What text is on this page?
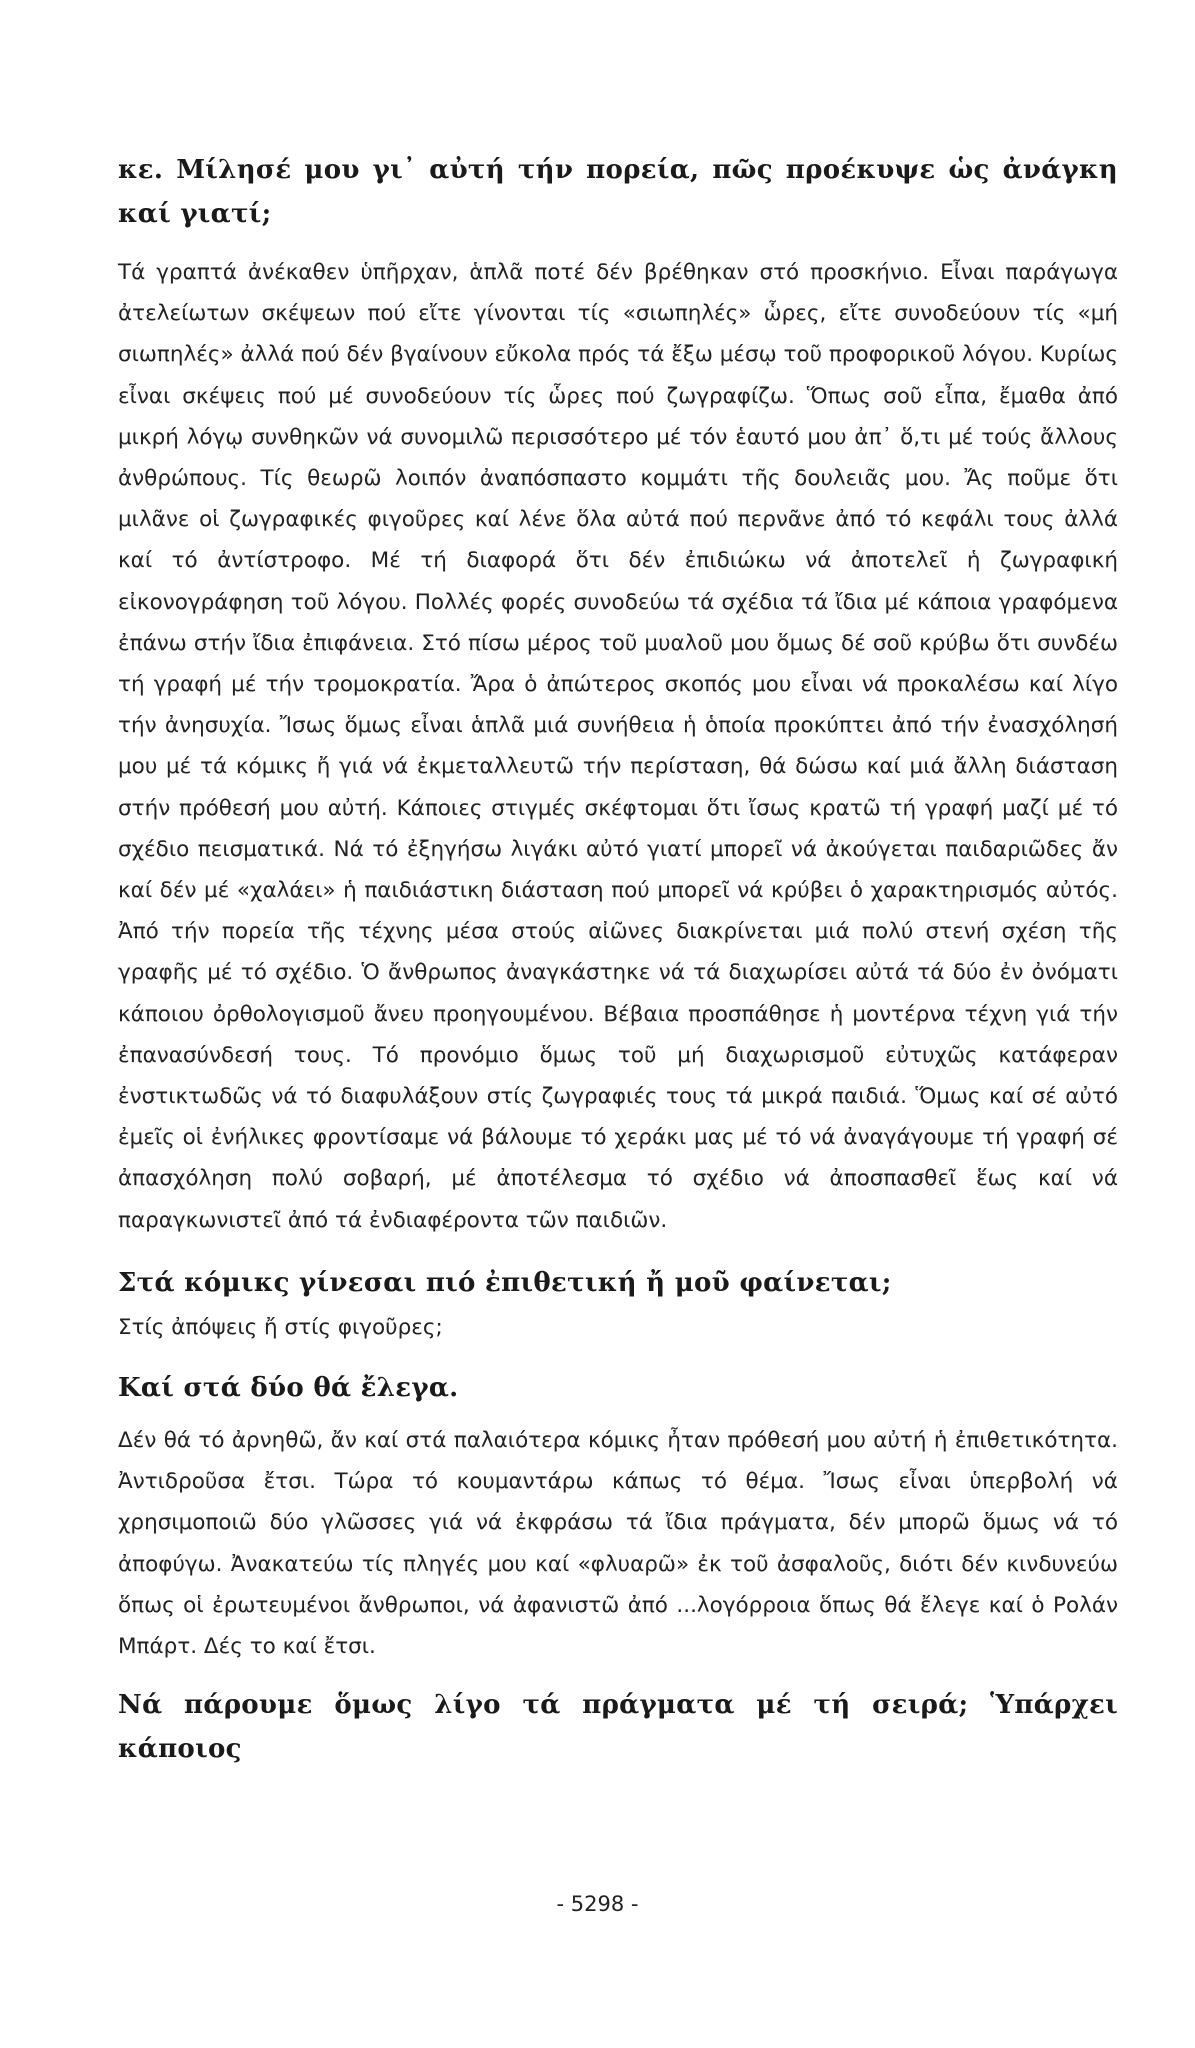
κε. Μίλησέ μου γι᾽ αὐτή τήν πορεία, πῶς προέκυψε ὡς ἀνάγκη καί γιατί;

Τά γραπτά ἀνέκαθεν ὑπῆρχαν, ἁπλᾶ ποτέ δέν βρέθηκαν στό προσκήνιο. Εἶναι παράγωγα ἀτελείωτων σκέψεων πού εἴτε γίνονται τίς «σιωπηλές» ὧρες, εἴτε συνοδεύουν τίς «μή σιωπηλές» ἀλλά πού δέν βγαίνουν εὔκολα πρός τά ἔξω μέσῳ τοῦ προφορικοῦ λόγου. Κυρίως εἶναι σκέψεις πού μέ συνοδεύουν τίς ὧρες πού ζωγραφίζω. Ὅπως σοῦ εἶπα, ἔμαθα ἀπό μικρή λόγῳ συνθηκῶν νά συνομιλῶ περισσότερο μέ τόν ἑαυτό μου ἀπ᾽ ὅ,τι μέ τούς ἄλλους ἀνθρώπους. Τίς θεωρῶ λοιπόν ἀναπόσπαστο κομμάτι τῆς δουλειᾶς μου. Ἄς ποῦμε ὅτι μιλᾶνε οἱ ζωγραφικές φιγοῦρες καί λένε ὅλα αὐτά πού περνᾶνε ἀπό τό κεφάλι τους ἀλλά καί τό ἀντίστροφο. Μέ τή διαφορά ὅτι δέν ἐπιδιώκω νά ἀποτελεῖ ἡ ζωγραφική εἰκονογράφηση τοῦ λόγου. Πολλές φορές συνοδεύω τά σχέδια τά ἴδια μέ κάποια γραφόμενα ἐπάνω στήν ἴδια ἐπιφάνεια. Στό πίσω μέρος τοῦ μυαλοῦ μου ὅμως δέ σοῦ κρύβω ὅτι συνδέω τή γραφή μέ τήν τρομοκρατία. Ἄρα ὁ ἀπώτερος σκοπός μου εἶναι νά προκαλέσω καί λίγο τήν ἀνησυχία. Ἴσως ὅμως εἶναι ἁπλᾶ μιά συνήθεια ἡ ὁποία προκύπτει ἀπό τήν ἐνασχόλησή μου μέ τά κόμικς ἤ γιά νά ἐκμεταλλευτῶ τήν περίσταση, θά δώσω καί μιά ἄλλη διάσταση στήν πρόθεσή μου αὐτή. Κάποιες στιγμές σκέφτομαι ὅτι ἴσως κρατῶ τή γραφή μαζί μέ τό σχέδιο πεισματικά. Νά τό ἐξηγήσω λιγάκι αὐτό γιατί μπορεῖ νά ἀκούγεται παιδαριῶδες ἄν καί δέν μέ «χαλάει» ἡ παιδιάστικη διάσταση πού μπορεῖ νά κρύβει ὁ χαρακτηρισμός αὐτός. Ἀπό τήν πορεία τῆς τέχνης μέσα στούς αἰῶνες διακρίνεται μιά πολύ στενή σχέση τῆς γραφῆς μέ τό σχέδιο. Ὁ ἄνθρωπος ἀναγκάστηκε νά τά διαχωρίσει αὐτά τά δύο ἐν ὀνόματι κάποιου ὀρθολογισμοῦ ἄνευ προηγουμένου. Βέβαια προσπάθησε ἡ μοντέρνα τέχνη γιά τήν ἐπανασύνδεσή τους. Τό προνόμιο ὅμως τοῦ μή διαχωρισμοῦ εὐτυχῶς κατάφεραν ἐνστικτωδῶς νά τό διαφυλάξουν στίς ζωγραφιές τους τά μικρά παιδιά. Ὅμως καί σέ αὐτό ἐμεῖς οἱ ἐνήλικες φροντίσαμε νά βάλουμε τό χεράκι μας μέ τό νά ἀναγάγουμε τή γραφή σέ ἀπασχόληση πολύ σοβαρή, μέ ἀποτέλεσμα τό σχέδιο νά ἀποσπασθεῖ ἕως καί νά παραγκωνιστεῖ ἀπό τά ἐνδιαφέροντα τῶν παιδιῶν.

Στά κόμικς γίνεσαι πιό ἐπιθετική ἤ μοῦ φαίνεται;

Στίς ἀπόψεις ἤ στίς φιγοῦρες;

Καί στά δύο θά ἔλεγα.

Δέν θά τό ἀρνηθῶ, ἄν καί στά παλαιότερα κόμικς ἦταν πρόθεσή μου αὐτή ἡ ἐπιθετικότητα. Ἀντιδροῦσα ἔτσι. Τώρα τό κουμαντάρω κάπως τό θέμα. Ἴσως εἶναι ὑπερβολή νά χρησιμοποιῶ δύο γλῶσσες γιά νά ἐκφράσω τά ἴδια πράγματα, δέν μπορῶ ὅμως νά τό ἀποφύγω. Ἀνακατεύω τίς πληγές μου καί «φλυαρῶ» ἐκ τοῦ ἀσφαλοῦς, διότι δέν κινδυνεύω ὅπως οἱ ἐρωτευμένοι ἄνθρωποι, νά ἀφανιστῶ ἀπό ...λογόρροια ὅπως θά ἔλεγε καί ὁ Ρολάν Μπάρτ. Δές το καί ἔτσι.

Νά πάρουμε ὅμως λίγο τά πράγματα μέ τή σειρά; Ὑπάρχει κάποιος

- 5298 -
